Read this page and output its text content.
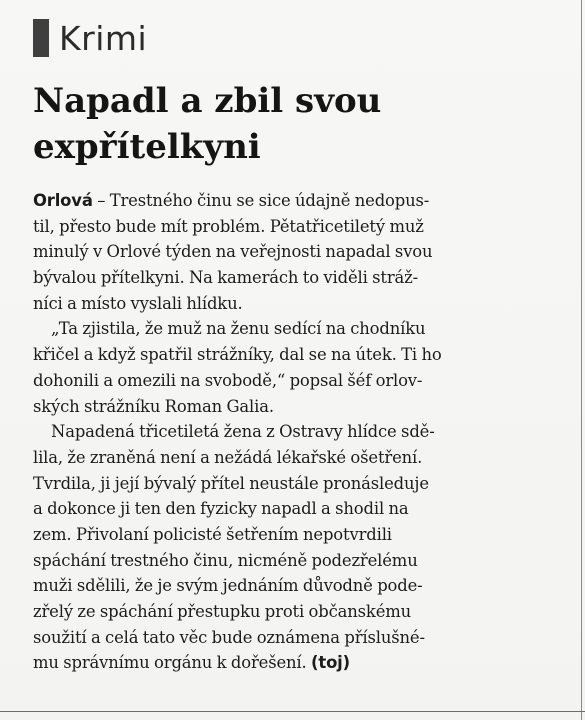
Krimi
Napadl a zbil svou
expřítelkyni
Orlová – Trestného činu se sice údajně nedopus-
til, přesto bude mít problém. Pětatřicetiletý muž
minulý v Orlové týden na veřejnosti napadal svou
bývalou přítelkyni. Na kamerách to viděli stráž-
níci a místo vyslali hlídku.
„Ta zjistila, že muž na ženu sedící na chodníku
křičel a když spatřil strážníky, dal se na útek. Ti ho
dohonili a omezili na svobodě,“ popsal šéf orlov-
ských strážníku Roman Galia.
Napadená třicetiletá žena z Ostravy hlídce sdě-
lila, že zraněná není a nežádá lékařské ošetření.
Tvrdila, ji její bývalý přítel neustále pronásleduje
a dokonce ji ten den fyzicky napadl a shodil na
zem. Přivolaní policisté šetřením nepotvrdili
spáchání trestného činu, nicméně podezřelému
muži sdělili, že je svým jednáním důvodně pode-
zřelý ze spáchání přestupku proti občanskému
soužití a celá tato věc bude oznámena příslušné-
mu správnímu orgánu k dořešení. (toj)
